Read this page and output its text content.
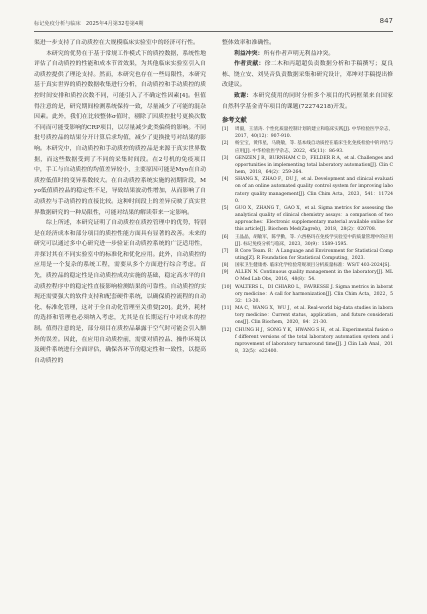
标记免疫分析与临床　2025年4月第32卷第4期	847

渠进一步支持了自动质控在大规模临床实验室中的经济可行性。

本研究的优势在于基于常规工作模式下的质控数据，系统性地评估了自动质控的性能和成本节省效果，为其他临床实验室引入自动质控提供了理论支持。然而，本研究也存在一些局限性，本研究基于真实世界的质控数据收集进行分析，自动质控和手动质控的质控时间安排和质控次数不同，可能引入了不确定性因素[4]。但值得注意的是，研究期间检测系统保持一致，尽量减少了可能的混杂因素。此外，我们在比较整体σ值时，剔除了因质控批号更换次数不同而可能受影响的CRP项目，以尽量减少此类偏倚的影响。不同批号质控品的结果分开计算后求均值，减少了更换批号对结果的影响。本研究中，自动质控和手动质控的质控品是来源于真实世界数据，而这些数据受到了不同的采集时间段。在2号机的免疫项目中，手工与自动质控的均值差异较小，主要原因可能是Myo在自动质控低值时的变异系数较大。在自动质控系统实施的初期阶段，Myo低值质控品的稳定性不足，导致结果波动性增加，从而影响了自动质控与手动质控的直接比较。这种时间段上的差异反映了真实世界数据研究的一种局限性，可能对结果的解读带来一定影响。

综上所述，本研究证明了自动质控在质控管理中的优势，特别是在经济成本和部分项目的质控性能方面具有显著的改善。未来的研究可以通过多中心研究进一步验证自动质控系统的广泛适用性，并探讨其在不同实验室中的标准化和优化应用。此外，自动质控的应用是一个复杂的系统工程，需要从多个方面进行综合考虑。首先，质控品的稳定性是自动质控成功实施的基础，稳定高水平的自动质控程序中的稳定性直接影响检测结果的可靠性。自动质控的实现还需要强大的软件支持和配套硬件系统，以确保质控流程的自动化、标准化管理，这对于全自动化管理至关重要[20]。此外，耗材的选择和管理也必须纳入考虑，尤其是在长期运行中对成本的控制。值得注意的是，部分项目在质控品暴露于空气时可能会引入额外的误差。因此，在应用自动质控前，需要对质控品、操作环境以及硬件系统进行全面评估，确保各环节的稳定性和一致性，以提高自动质控的

整体效率和准确性。

利益冲突：所有作者声明无利益冲突。

作者贡献：徐二木和丙超超负责数据分析和手稿撰写；夏良栋、饶立安、刘昊音负责数据采集和研究设计，邓坤对手稿提出修改建议。

致谢：本研究使用的同时分析多个项目的代码框架来自国家自然科学基金青年项目的课题(72274218)开发。

参考文献
[1] 周毅，王清涛. 个性化质量控制计划的建立和临床实践[J]. 中华检验医学杂志，2017，40(12)：907-910.
[2] 杨宝宝，黄伟星，马晓敏，等. 基本线自动质控在临床生化免疫检验中的评估与应用[J]. 中华检验医学杂志，2022，45(11)：86-93.
[3] GENZEN J R，BURNHAM C D，FELDER R A，et al. Challenges and opportunities in implementing total laboratory automation[J]. Clin Chem，2018，64(2)：259-264.
[4] SHANG X，ZHAO F，DU J，et al. Development and clinical evaluation of an online automated quality control system for improving laboratory quality management[J]. Clin Chim Acta，2023，541：117240.
[5] GUO X，ZHANG T，GAO X，et al. Sigma metrics for assessing the analytical quality of clinical chemistry assays：a comparison of two approaches：Electronic supplementary material available online for this article[J]. Biochem Med(Zagreb)，2018，28(2)：020708.
[6] 王晶晶，胡敏军，陈学勤，等. 六西格玛在免疫学实验室中的质量管理中的应用[J]. 标记免疫分析与临床，2023，30(9)：1589-1595.
[7] R Core Team. R：A Language and Environment for Statistical Computing[Z]. R Foundation for Statistical Computing，2023.
[8] 国家卫生健康委. 临床化学检验常规项目分析质量标准：WS/T 403-2024[S].
[9] ALLEN N. Continuous quality management in the laboratory[J]. MLO Med Lab Obs，2016，48(8)：54.
[10] WALTERS L，DI CHIARO L，FAVRESSE J. Sigma metrics in laboratory medicine：A call for harmonization[J]. Clin Chim Acta，2022，532：13-20.
[11] MA C，WANG X，WU J，et al. Real-world big-data studies in laboratory medicine：Current status，application，and future considerations[J]. Clin Biochem，2020，84：21-30.
[12] CHUNG H J，SONG Y K，HWANG S H，et al. Experimental fusion of different versions of the total laboratory automation system and improvement of laboratory turnaround time[J]. J Clin Lab Anal，2018，32(5)：e22400.
